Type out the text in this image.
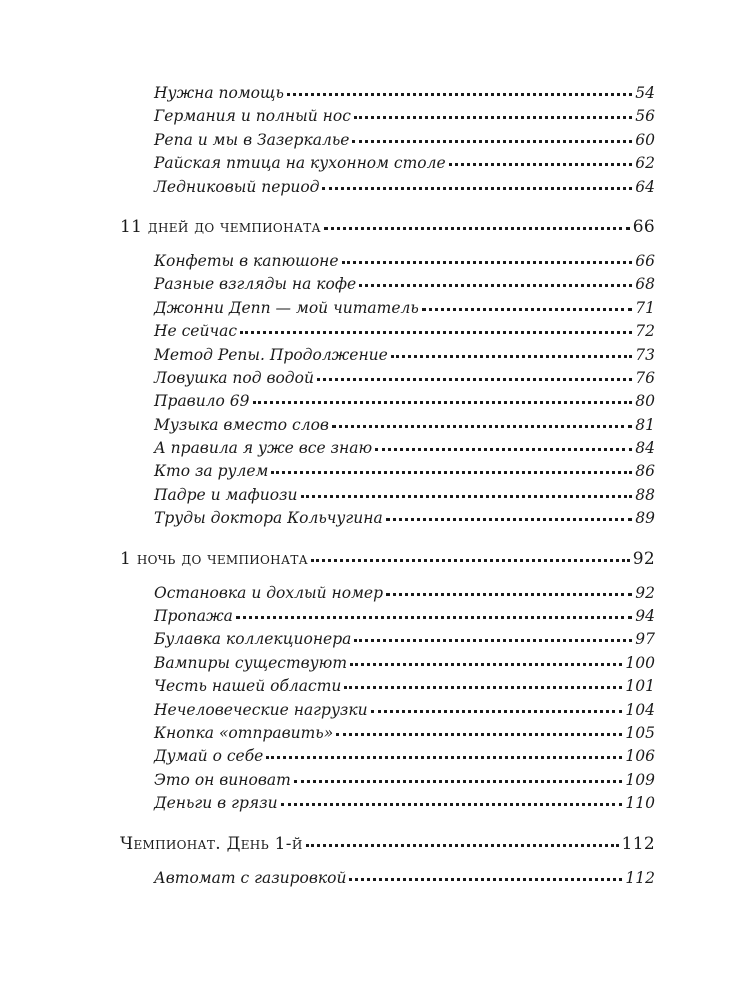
Нужна помощь	54
Германия и полный нос	56
Репа и мы в Зазеркалье	60
Райская птица на кухонном столе	62
Ледниковый период	64
11 дней до чемпионата	66
Конфеты в капюшоне	66
Разные взгляды на кофе	68
Джонни Депп — мой читатель	71
Не сейчас	72
Метод Репы. Продолжение	73
Ловушка под водой	76
Правило 69	80
Музыка вместо слов	81
А правила я уже все знаю	84
Кто за рулем	86
Падре и мафиози	88
Труды доктора Кольчугина	89
1 ночь до чемпионата	92
Остановка и дохлый номер	92
Пропажа	94
Булавка коллекционера	97
Вампиры существуют	100
Честь нашей области	101
Нечеловеческие нагрузки	104
Кнопка «отправить»	105
Думай о себе	106
Это он виноват	109
Деньги в грязи	110
Чемпионат. День 1-й	112
Автомат с газировкой	112
